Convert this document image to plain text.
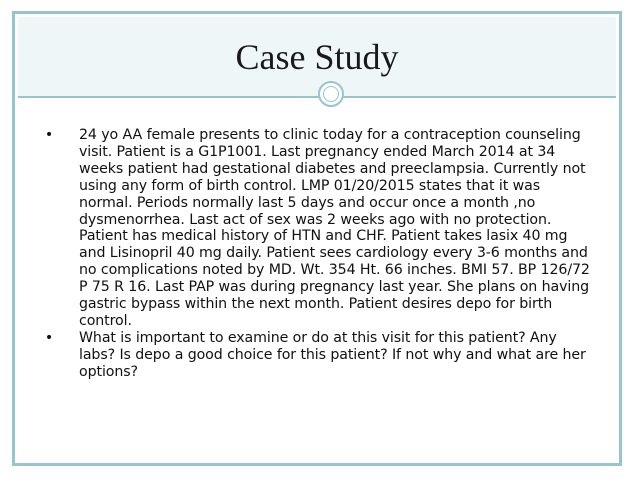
Case Study
• 24 yo AA female presents to clinic today for a contraception counseling visit. Patient is a G1P1001. Last pregnancy ended March 2014 at 34 weeks patient had gestational diabetes and preeclampsia. Currently not using any form of birth control. LMP 01/20/2015 states that it was normal. Periods normally last 5 days and occur once a month ,no dysmenorrhea. Last act of sex was 2 weeks ago with no protection. Patient has medical history of HTN and CHF. Patient takes lasix 40 mg and Lisinopril 40 mg daily. Patient sees cardiology every 3-6 months and no complications noted by MD. Wt. 354 Ht. 66 inches. BMI 57. BP 126/72 P 75 R 16. Last PAP was during pregnancy last year. She plans on having gastric bypass within the next month. Patient desires depo for birth control.
• What is important to examine or do at this visit for this patient? Any labs? Is depo a good choice for this patient? If not why and what are her options?
